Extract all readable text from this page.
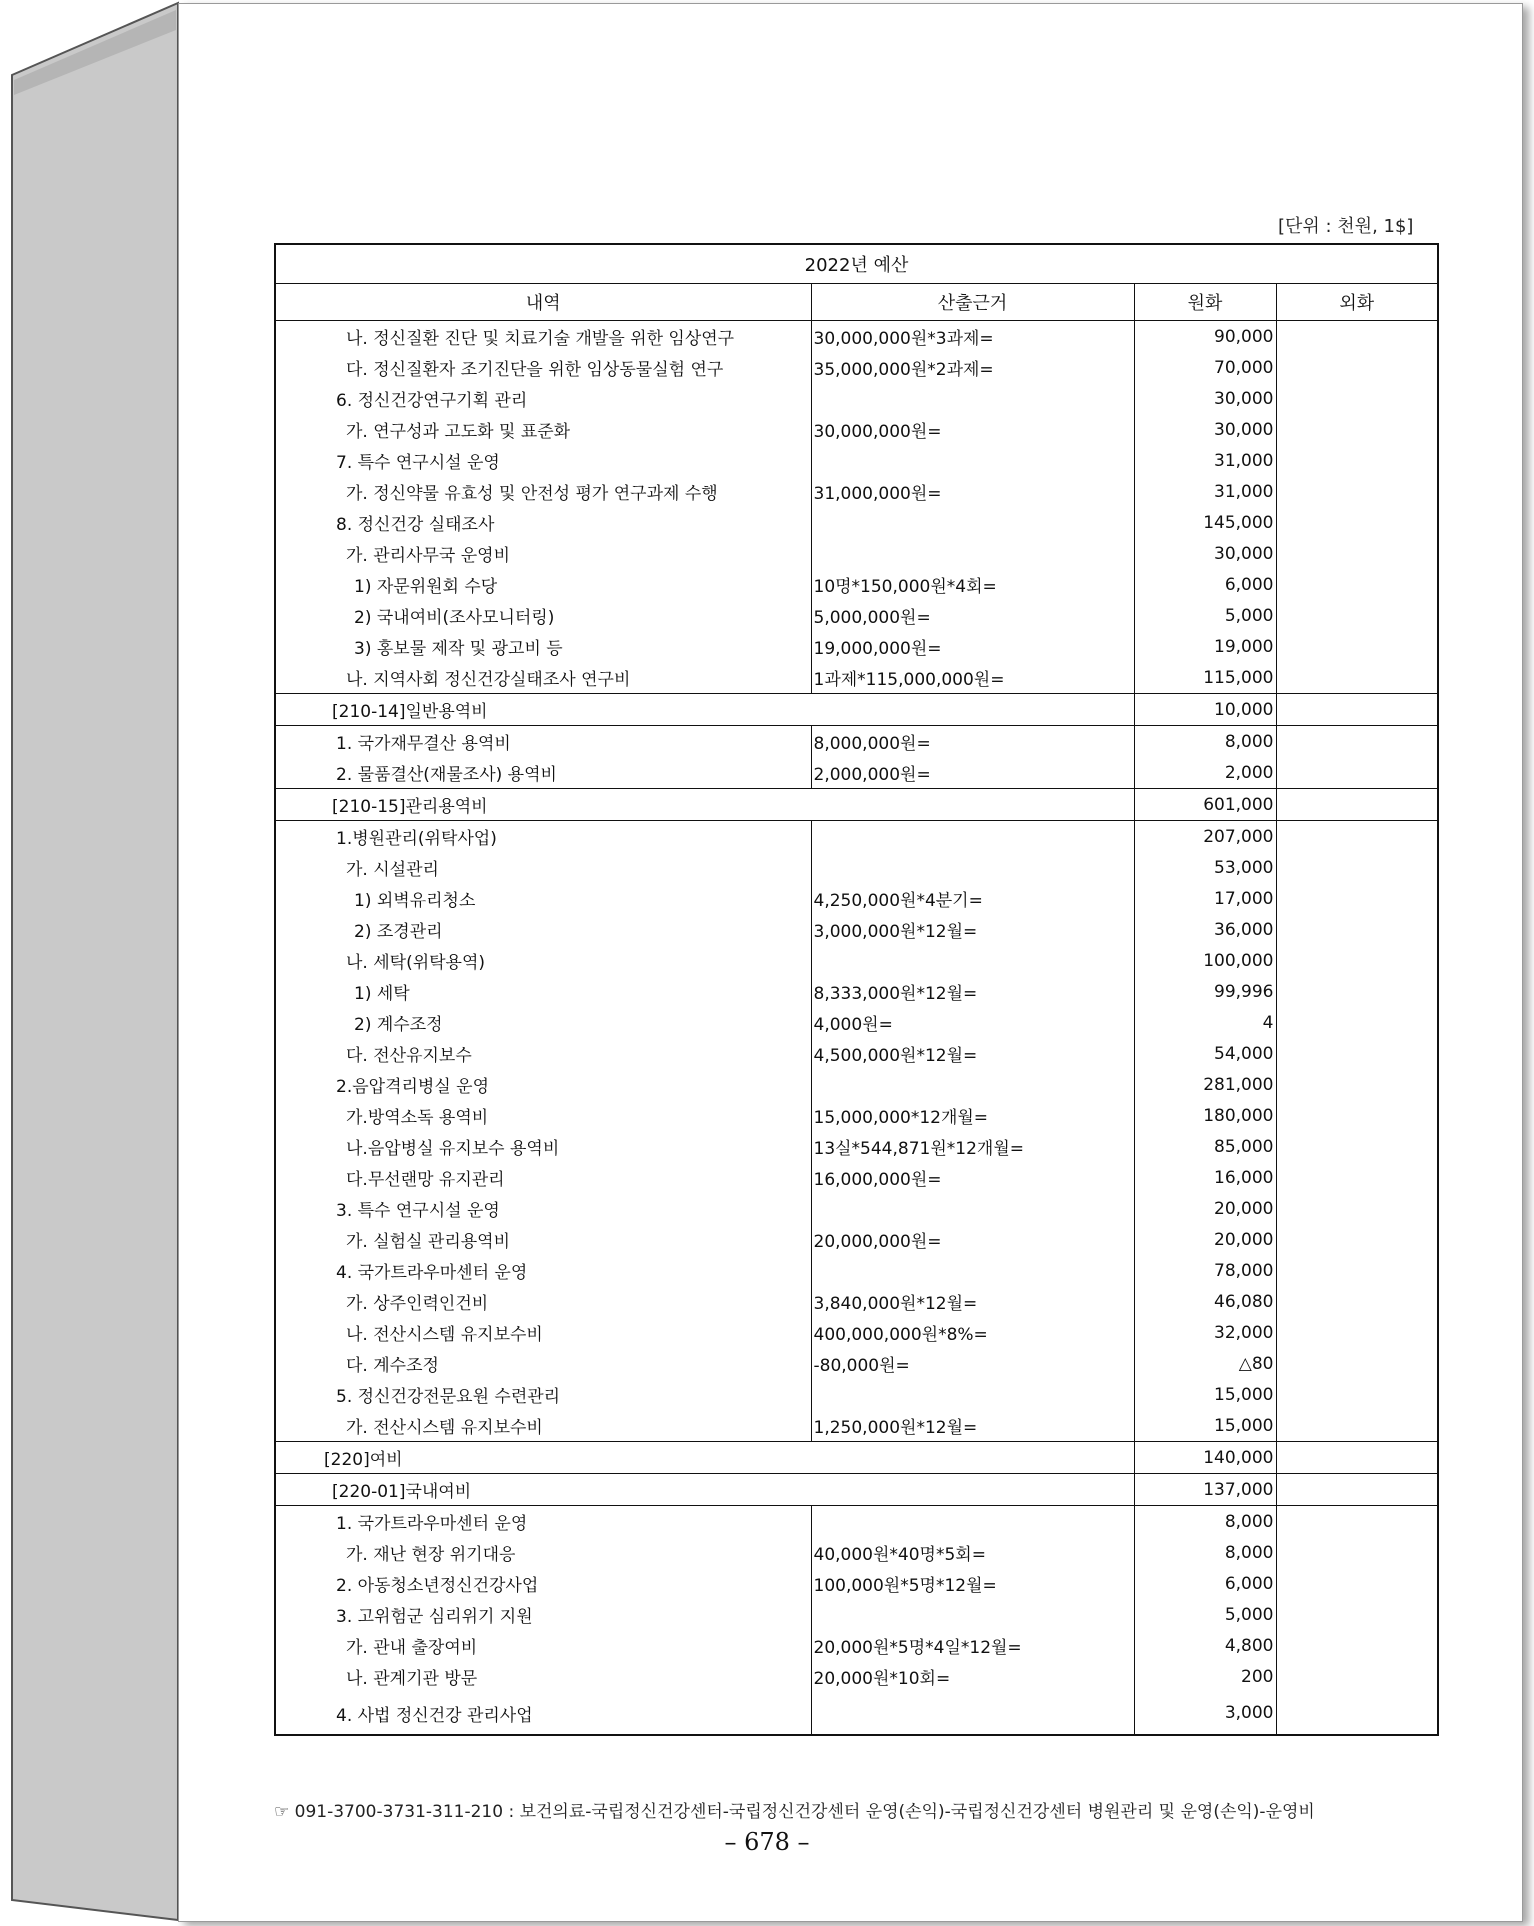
[단위 : 천원, 1$]
2022년 예산			
내역	산출근거	원화	외화
나. 정신질환 진단 및 치료기술 개발을 위한 임상연구	30,000,000원*3과제=	90,000	
다. 정신질환자 조기진단을 위한 임상동물실험 연구	35,000,000원*2과제=	70,000	
6. 정신건강연구기획 관리		30,000	
가. 연구성과 고도화 및 표준화	30,000,000원=	30,000	
7. 특수 연구시설 운영		31,000	
가. 정신약물 유효성 및 안전성 평가 연구과제 수행	31,000,000원=	31,000	
8. 정신건강 실태조사		145,000	
가. 관리사무국 운영비		30,000	
1) 자문위원회 수당	10명*150,000원*4회=	6,000	
2) 국내여비(조사모니터링)	5,000,000원=	5,000	
3) 홍보물 제작 및 광고비 등	19,000,000원=	19,000	
나. 지역사회 정신건강실태조사 연구비	1과제*115,000,000원=	115,000	
[210-14]일반용역비		10,000	
1. 국가재무결산 용역비	8,000,000원=	8,000	
2. 물품결산(재물조사) 용역비	2,000,000원=	2,000	
[210-15]관리용역비		601,000	
1.병원관리(위탁사업)		207,000	
가. 시설관리		53,000	
1) 외벽유리청소	4,250,000원*4분기=	17,000	
2) 조경관리	3,000,000원*12월=	36,000	
나. 세탁(위탁용역)		100,000	
1) 세탁	8,333,000원*12월=	99,996	
2) 계수조정	4,000원=	4	
다. 전산유지보수	4,500,000원*12월=	54,000	
2.음압격리병실 운영		281,000	
가.방역소독 용역비	15,000,000*12개월=	180,000	
나.음압병실 유지보수 용역비	13실*544,871원*12개월=	85,000	
다.무선랜망 유지관리	16,000,000원=	16,000	
3. 특수 연구시설 운영		20,000	
가. 실험실 관리용역비	20,000,000원=	20,000	
4. 국가트라우마센터 운영		78,000	
가. 상주인력인건비	3,840,000원*12월=	46,080	
나. 전산시스템 유지보수비	400,000,000원*8%=	32,000	
다. 계수조정	-80,000원=	△80	
5. 정신건강전문요원 수련관리		15,000	
가. 전산시스템 유지보수비	1,250,000원*12월=	15,000	
[220]여비		140,000	
[220-01]국내여비		137,000	
1. 국가트라우마센터 운영		8,000	
가. 재난 현장 위기대응	40,000원*40명*5회=	8,000	
2. 아동청소년정신건강사업	100,000원*5명*12월=	6,000	
3. 고위험군 심리위기 지원		5,000	
가. 관내 출장여비	20,000원*5명*4일*12월=	4,800	
나. 관계기관 방문	20,000원*10회=	200	
4. 사법 정신건강 관리사업		3,000	
☞ 091-3700-3731-311-210 : 보건의료-국립정신건강센터-국립정신건강센터 운영(손익)-국립정신건강센터 병원관리 및 운영(손익)-운영비
– 678 –
